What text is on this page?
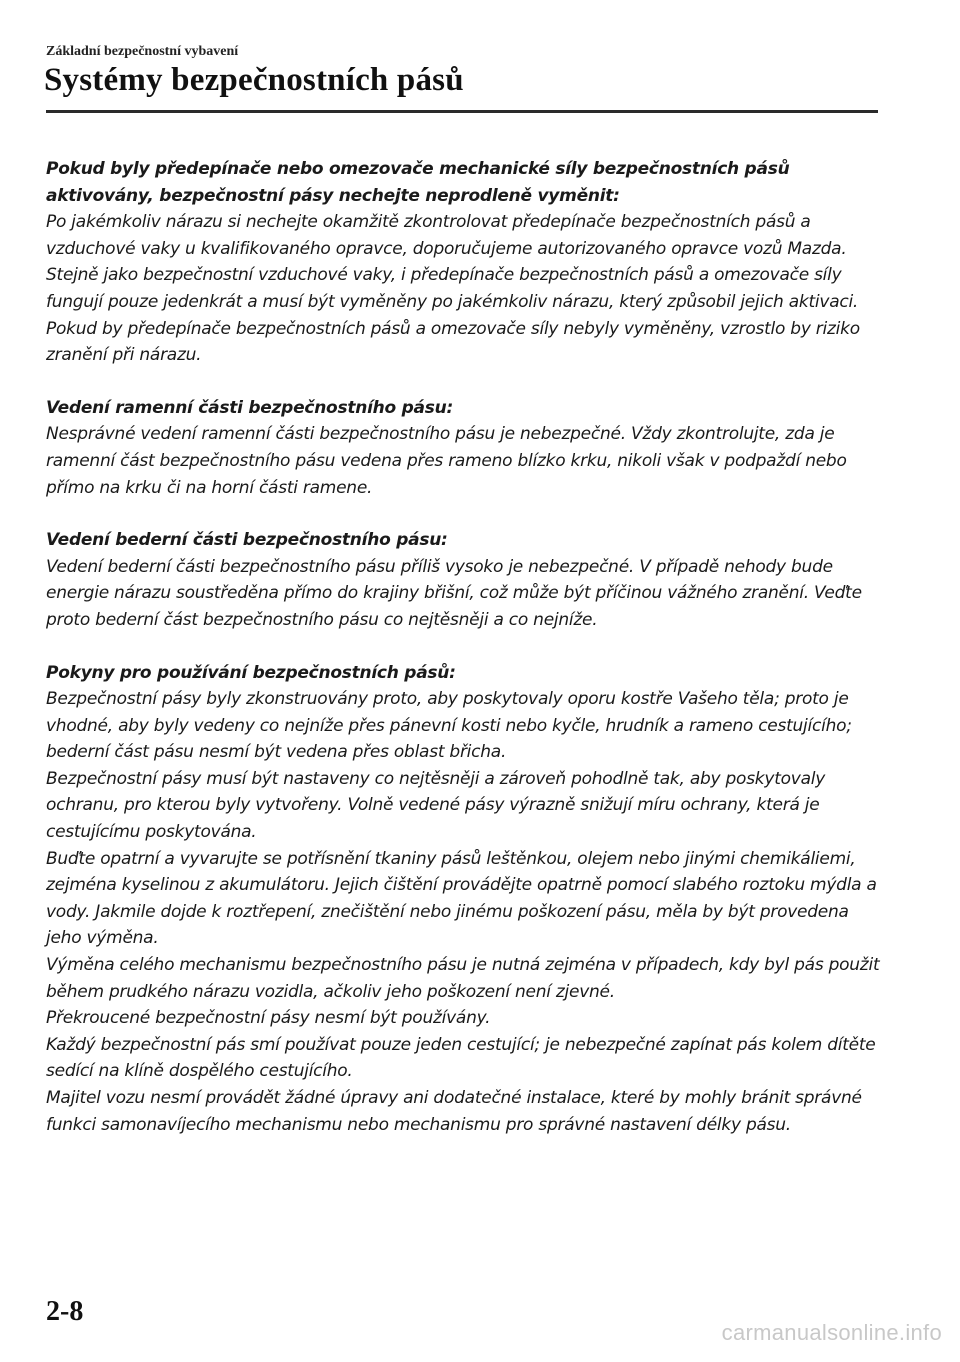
Základní bezpečnostní vybavení
Systémy bezpečnostních pásů
Pokud byly předepínače nebo omezovače mechanické síly bezpečnostních pásů aktivovány, bezpečnostní pásy nechejte neprodleně vyměnit:
Po jakémkoliv nárazu si nechejte okamžitě zkontrolovat předepínače bezpečnostních pásů a vzduchové vaky u kvalifikovaného opravce, doporučujeme autorizovaného opravce vozů Mazda. Stejně jako bezpečnostní vzduchové vaky, i předepínače bezpečnostních pásů a omezovače síly fungují pouze jedenkrát a musí být vyměněny po jakémkoliv nárazu, který způsobil jejich aktivaci. Pokud by předepínače bezpečnostních pásů a omezovače síly nebyly vyměněny, vzrostlo by riziko zranění při nárazu.
Vedení ramenní části bezpečnostního pásu:
Nesprávné vedení ramenní části bezpečnostního pásu je nebezpečné. Vždy zkontrolujte, zda je ramenní část bezpečnostního pásu vedena přes rameno blízko krku, nikoli však v podpaždí nebo přímo na krku či na horní části ramene.
Vedení bederní části bezpečnostního pásu:
Vedení bederní části bezpečnostního pásu příliš vysoko je nebezpečné. V případě nehody bude energie nárazu soustředěna přímo do krajiny břišní, což může být příčinou vážného zranění. Veďte proto bederní část bezpečnostního pásu co nejtěsněji a co nejníže.
Pokyny pro používání bezpečnostních pásů:
Bezpečnostní pásy byly zkonstruovány proto, aby poskytovaly oporu kostře Vašeho těla; proto je vhodné, aby byly vedeny co nejníže přes pánevní kosti nebo kyčle, hrudník a rameno cestujícího; bederní část pásu nesmí být vedena přes oblast břicha.
Bezpečnostní pásy musí být nastaveny co nejtěsněji a zároveň pohodlně tak, aby poskytovaly ochranu, pro kterou byly vytvořeny. Volně vedené pásy výrazně snižují míru ochrany, která je cestujícímu poskytována.
Buďte opatrní a vyvarujte se potřísnění tkaniny pásů leštěnkou, olejem nebo jinými chemikáliemi, zejména kyselinou z akumulátoru. Jejich čištění provádějte opatrně pomocí slabého roztoku mýdla a vody. Jakmile dojde k roztřepení, znečištění nebo jinému poškození pásu, měla by být provedena jeho výměna.
Výměna celého mechanismu bezpečnostního pásu je nutná zejména v případech, kdy byl pás použit během prudkého nárazu vozidla, ačkoliv jeho poškození není zjevné.
Překroucené bezpečnostní pásy nesmí být používány.
Každý bezpečnostní pás smí používat pouze jeden cestující; je nebezpečné zapínat pás kolem dítěte sedící na klíně dospělého cestujícího.
Majitel vozu nesmí provádět žádné úpravy ani dodatečné instalace, které by mohly bránit správné funkci samonavíjecího mechanismu nebo mechanismu pro správné nastavení délky pásu.
2-8
carmanualsonline.info
